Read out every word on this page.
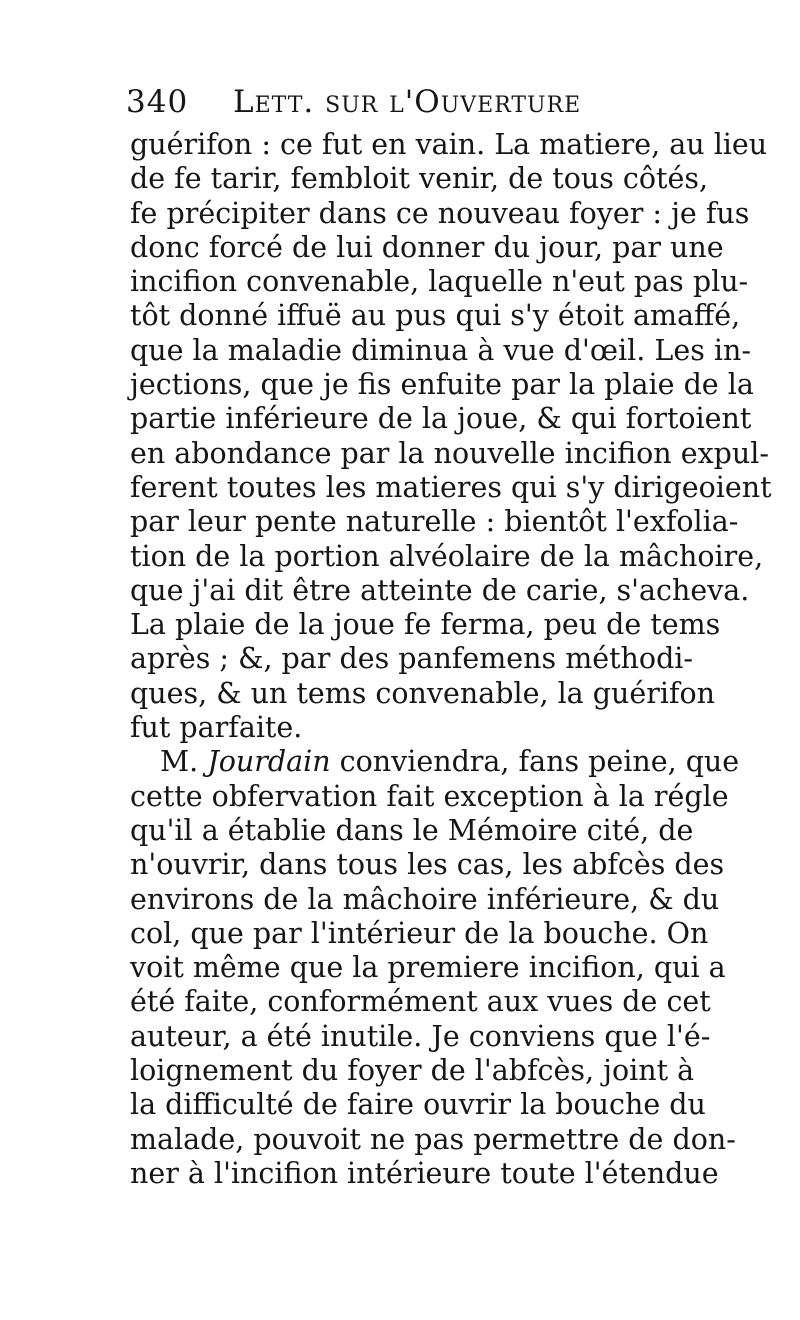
340 Lett. sur l'Ouverture
guérifon : ce fut en vain. La matiere, au lieu
de fe tarir, fembloit venir, de tous côtés,
fe précipiter dans ce nouveau foyer : je fus
donc forcé de lui donner du jour, par une
incifion convenable, laquelle n'eut pas plu-
tôt donné iffuë au pus qui s'y étoit amaffé,
que la maladie diminua à vue d'œil. Les in-
jections, que je fis enfuite par la plaie de la
partie inférieure de la joue, & qui fortoient
en abondance par la nouvelle incifion expul-
ferent toutes les matieres qui s'y dirigeoient
par leur pente naturelle : bientôt l'exfolia-
tion de la portion alvéolaire de la mâchoire,
que j'ai dit être atteinte de carie, s'acheva.
La plaie de la joue fe ferma, peu de tems
après ; &, par des panfemens méthodi-
ques, & un tems convenable, la guérifon
fut parfaite.
M. Jourdain conviendra, fans peine, que
cette obfervation fait exception à la régle
qu'il a établie dans le Mémoire cité, de
n'ouvrir, dans tous les cas, les abfcès des
environs de la mâchoire inférieure, & du
col, que par l'intérieur de la bouche. On
voit même que la premiere incifion, qui a
été faite, conformément aux vues de cet
auteur, a été inutile. Je conviens que l'é-
loignement du foyer de l'abfcès, joint à
la difficulté de faire ouvrir la bouche du
malade, pouvoit ne pas permettre de don-
ner à l'incifion intérieure toute l'étendue
